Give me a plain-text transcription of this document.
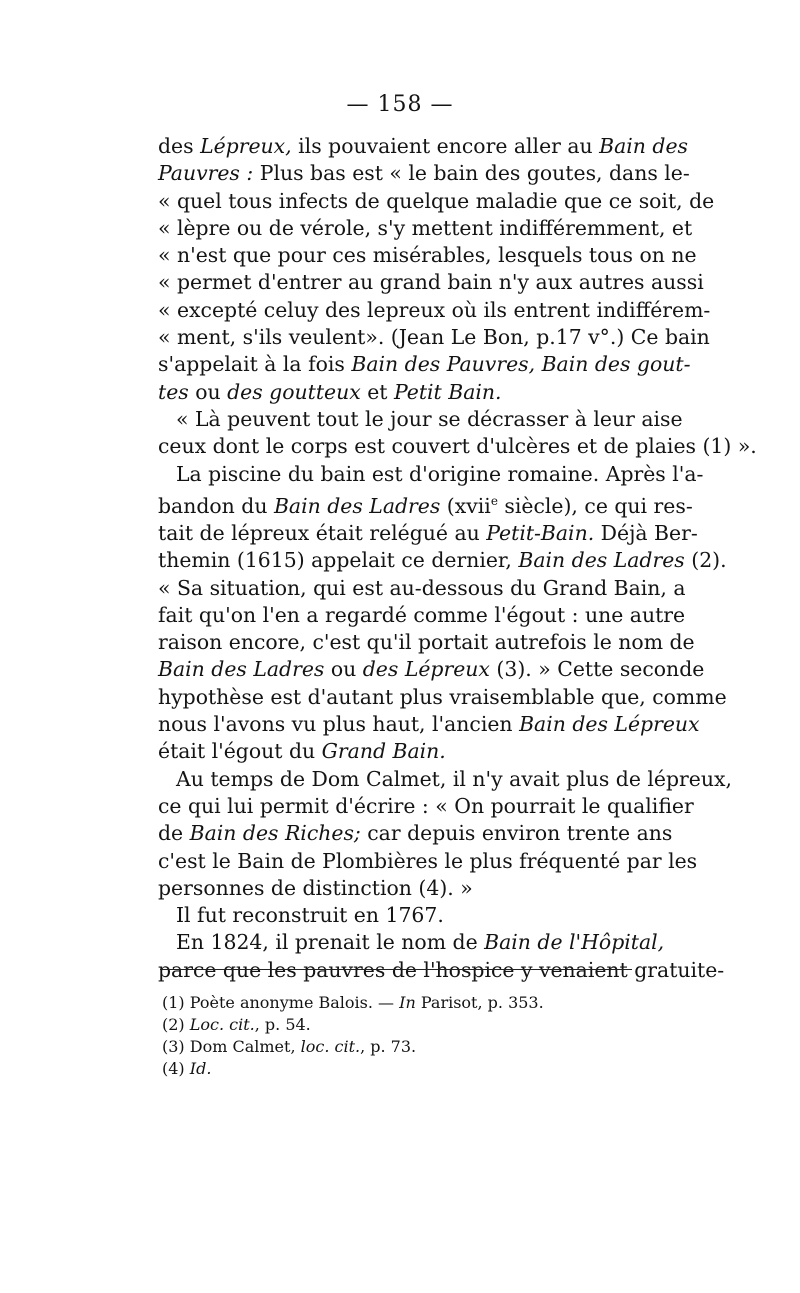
— 158 —
des Lépreux, ils pouvaient encore aller au Bain des
Pauvres : Plus bas est « le bain des goutes, dans le-
« quel tous infects de quelque maladie que ce soit, de
« lèpre ou de vérole, s'y mettent indifféremment, et
« n'est que pour ces misérables, lesquels tous on ne
« permet d'entrer au grand bain n'y aux autres aussi
« excepté celuy des lepreux où ils entrent indifférem-
« ment, s'ils veulent». (Jean Le Bon, p.17 v°.) Ce bain
s'appelait à la fois Bain des Pauvres, Bain des gout-
tes ou des goutteux et Petit Bain.
« Là peuvent tout le jour se décrasser à leur aise
ceux dont le corps est couvert d'ulcères et de plaies (1) ».
La piscine du bain est d'origine romaine. Après l'a-
bandon du Bain des Ladres (xvii$^e$ siècle), ce qui res-
tait de lépreux était relégué au Petit-Bain. Déjà Ber-
themin (1615) appelait ce dernier, Bain des Ladres (2).
« Sa situation, qui est au-dessous du Grand Bain, a
fait qu'on l'en a regardé comme l'égout : une autre
raison encore, c'est qu'il portait autrefois le nom de
Bain des Ladres ou des Lépreux (3). » Cette seconde
hypothèse est d'autant plus vraisemblable que, comme
nous l'avons vu plus haut, l'ancien Bain des Lépreux
était l'égout du Grand Bain.
Au temps de Dom Calmet, il n'y avait plus de lépreux,
ce qui lui permit d'écrire : « On pourrait le qualifier
de Bain des Riches; car depuis environ trente ans
c'est le Bain de Plombières le plus fréquenté par les
personnes de distinction (4). »
Il fut reconstruit en 1767.
En 1824, il prenait le nom de Bain de l'Hôpital,
parce que les pauvres de l'hospice y venaient gratuite-
(1) Poète anonyme Balois. — In Parisot, p. 353.
(2) Loc. cit., p. 54.
(3) Dom Calmet, loc. cit., p. 73.
(4) Id.
